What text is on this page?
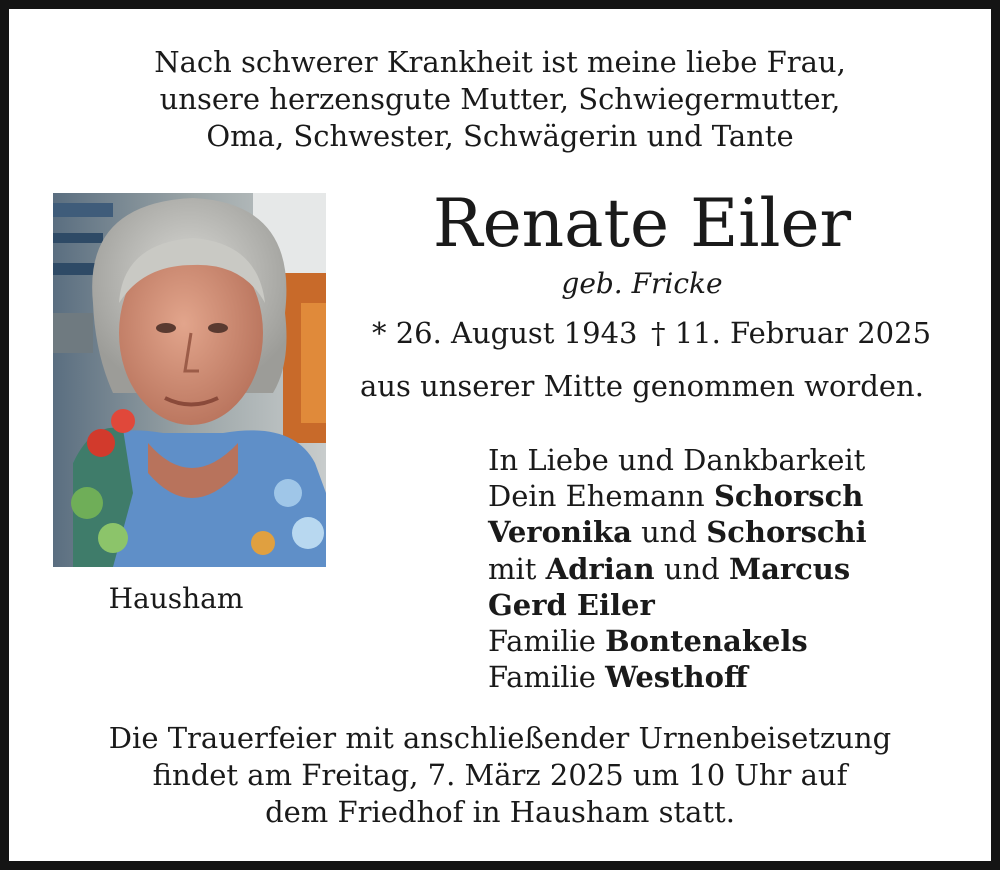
Nach schwerer Krankheit ist meine liebe Frau,
unsere herzensgute Mutter, Schwiegermutter,
Oma, Schwester, Schwägerin und Tante
Hausham
Renate Eiler
geb. Fricke
* 26. August 1943 † 11. Februar 2025
aus unserer Mitte genommen worden.
In Liebe und Dankbarkeit
Dein Ehemann Schorsch
Veronika und Schorschi
mit Adrian und Marcus
Gerd Eiler
Familie Bontenakels
Familie Westhoff
Die Trauerfeier mit anschließender Urnenbeisetzung
findet am Freitag, 7. März 2025 um 10 Uhr auf
dem Friedhof in Hausham statt.
